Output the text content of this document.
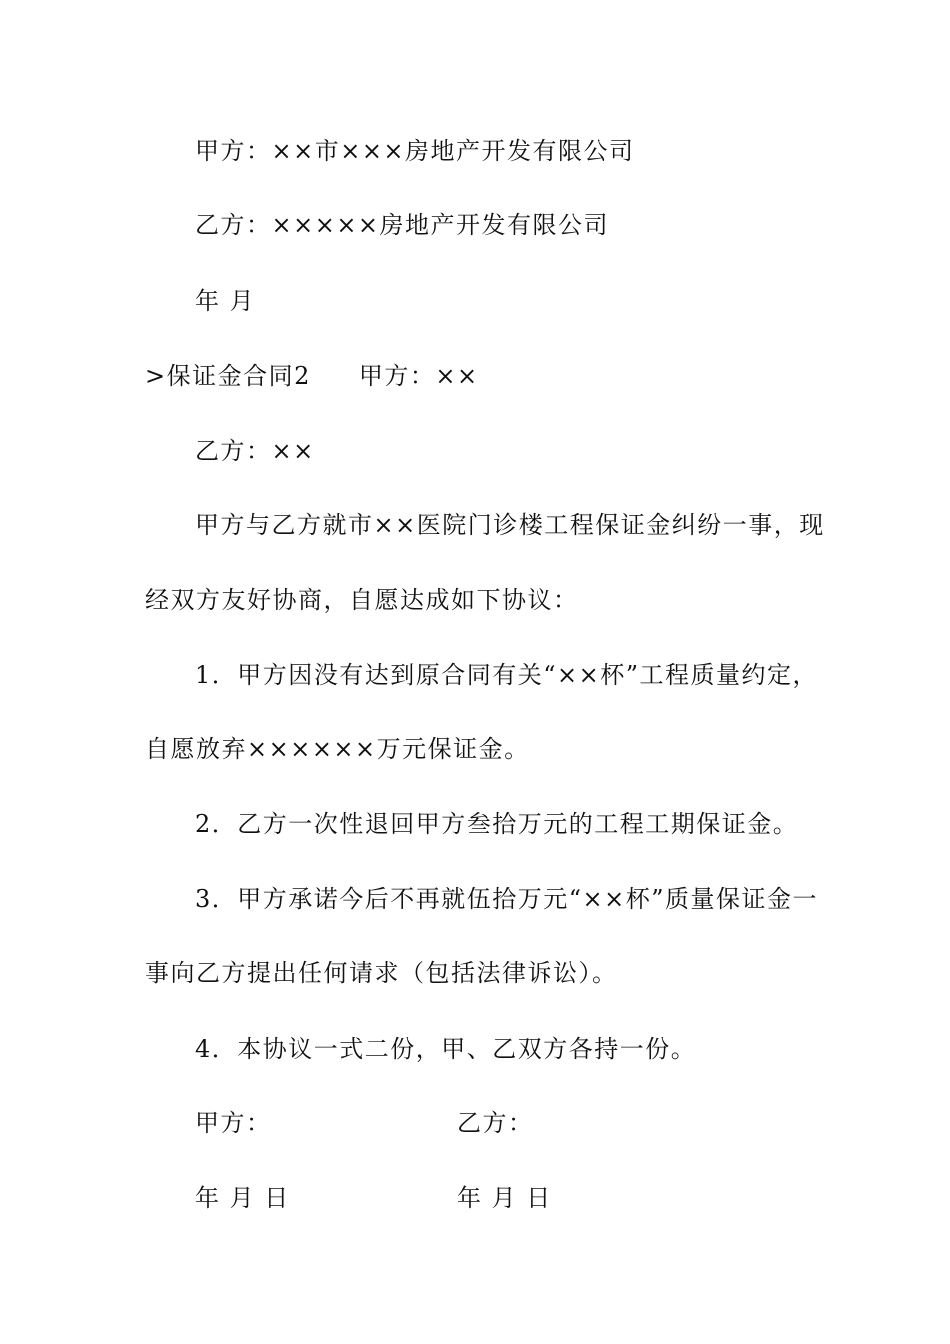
甲方：××市×××房地产开发有限公司
乙方：×××××房地产开发有限公司
年 月
>保证金合同2 甲方：××
乙方：××
甲方与乙方就市××医院门诊楼工程保证金纠纷一事，现
经双方友好协商，自愿达成如下协议：
1．甲方因没有达到原合同有关“××杯”工程质量约定，
自愿放弃××××××万元保证金。
2．乙方一次性退回甲方叁拾万元的工程工期保证金。
3．甲方承诺今后不再就伍拾万元“××杯”质量保证金一
事向乙方提出任何请求（包括法律诉讼）。
4．本协议一式二份，甲、乙双方各持一份。
甲方：	乙方：
年 月 日	年 月 日
